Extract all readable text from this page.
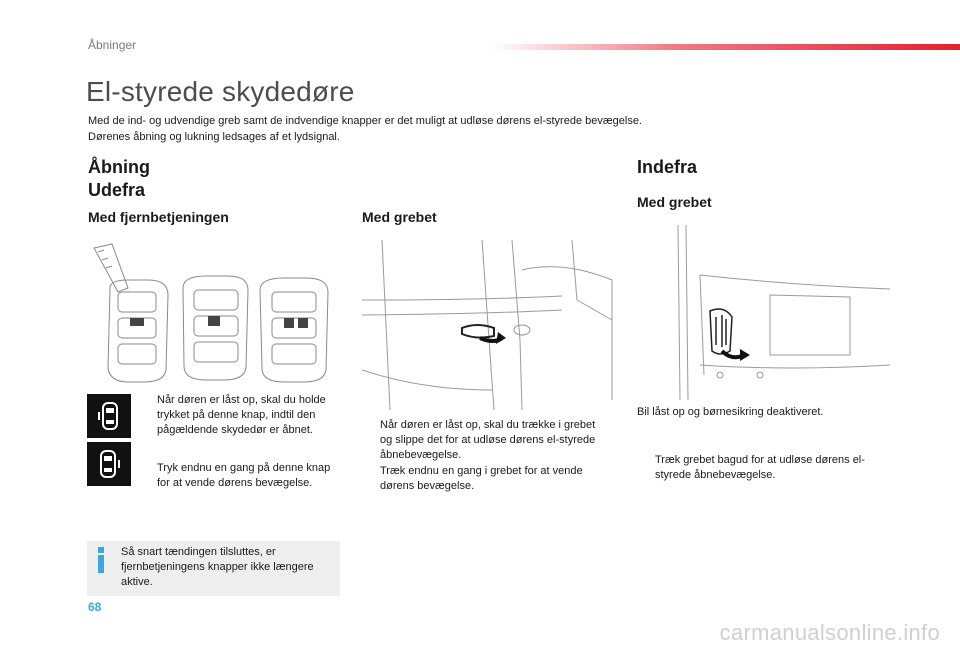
Åbninger
El-styrede skydedøre
Med de ind- og udvendige greb samt de indvendige knapper er det muligt at udløse dørens el-styrede bevægelse.
Dørenes åbning og lukning ledsages af et lydsignal.
Åbning
Udefra
Med fjernbetjeningen
Når døren er låst op, skal du holde trykket på denne knap, indtil den pågældende skydedør er åbnet.
Tryk endnu en gang på denne knap for at vende dørens bevægelse.
Så snart tændingen tilsluttes, er fjernbetjeningens knapper ikke længere aktive.
Med grebet
Når døren er låst op, skal du trække i grebet og slippe det for at udløse dørens el-styrede åbnebevægelse.
Træk endnu en gang i grebet for at vende dørens bevægelse.
Indefra
Med grebet
Bil låst op og børnesikring deaktiveret.
Træk grebet bagud for at udløse dørens el-styrede åbnebevægelse.
68
carmanualsonline.info
